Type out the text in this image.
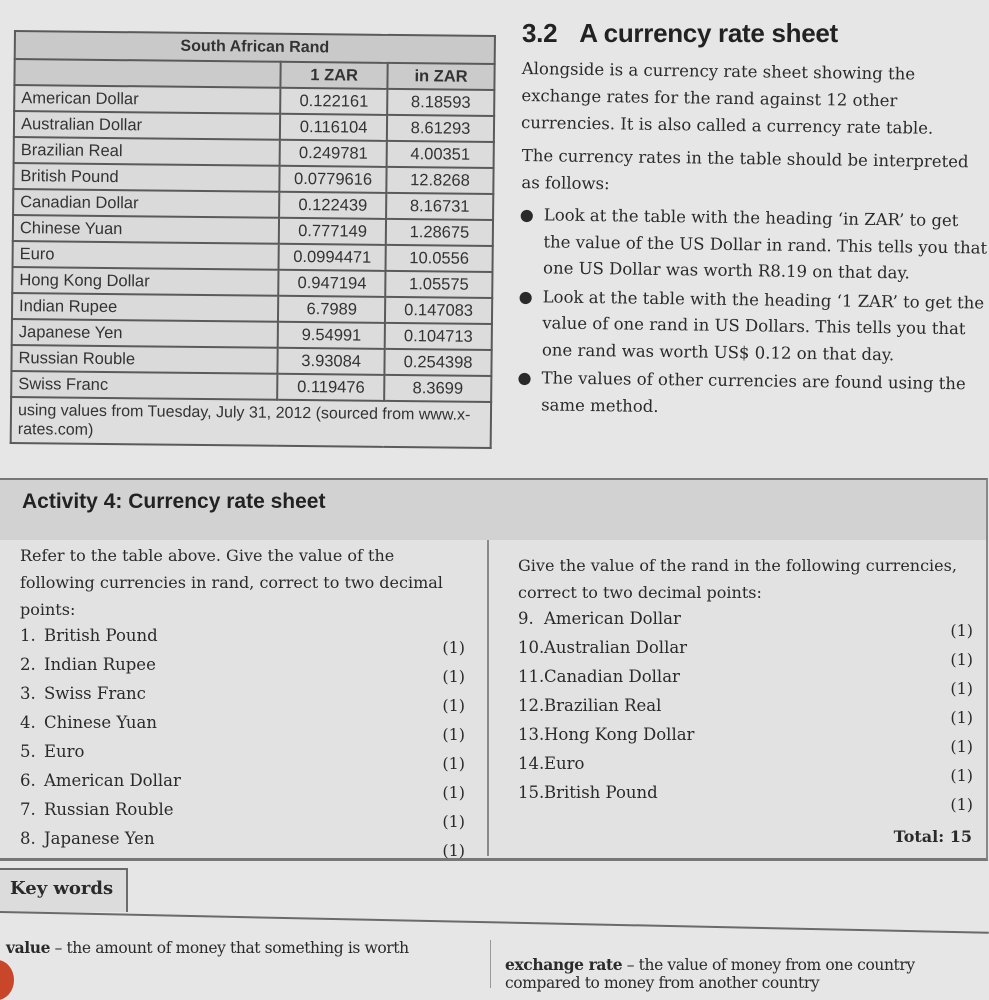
South African Rand		
	1 ZAR	in ZAR
American Dollar	0.122161	8.18593
Australian Dollar	0.116104	8.61293
Brazilian Real	0.249781	4.00351
British Pound	0.0779616	12.8268
Canadian Dollar	0.122439	8.16731
Chinese Yuan	0.777149	1.28675
Euro	0.0994471	10.0556
Hong Kong Dollar	0.947194	1.05575
Indian Rupee	6.7989	0.147083
Japanese Yen	9.54991	0.104713
Russian Rouble	3.93084	0.254398
Swiss Franc	0.119476	8.3699
using values from Tuesday, July 31, 2012 (sourced from www.x-rates.com)		
3.2 A currency rate sheet

Alongside is a currency rate sheet showing the exchange rates for the rand against 12 other currencies. It is also called a currency rate table.

The currency rates in the table should be interpreted as follows:

● Look at the table with the heading ‘in ZAR’ to get the value of the US Dollar in rand. This tells you that one US Dollar was worth R8.19 on that day.
● Look at the table with the heading ‘1 ZAR’ to get the value of one rand in US Dollars. This tells you that one rand was worth US$ 0.12 on that day.
● The values of other currencies are found using the same method.
Activity 4: Currency rate sheet

Refer to the table above. Give the value of the following currencies in rand, correct to two decimal points:

1. British Pound
(1)
2. Indian Rupee
(1)
3. Swiss Franc
(1)
4. Chinese Yuan
(1)
5. Euro
(1)
6. American Dollar
(1)
7. Russian Rouble
(1)
8. Japanese Yen
(1)

Give the value of the rand in the following currencies, correct to two decimal points:

9. American Dollar
(1)
10.Australian Dollar
(1)
11.Canadian Dollar
(1)
12.Brazilian Real
(1)
13.Hong Kong Dollar
(1)
14.Euro
(1)
15.British Pound
(1)
Total: 15
Key words
value – the amount of money that something is worth
exchange rate – the value of money from one country compared to money from another country
